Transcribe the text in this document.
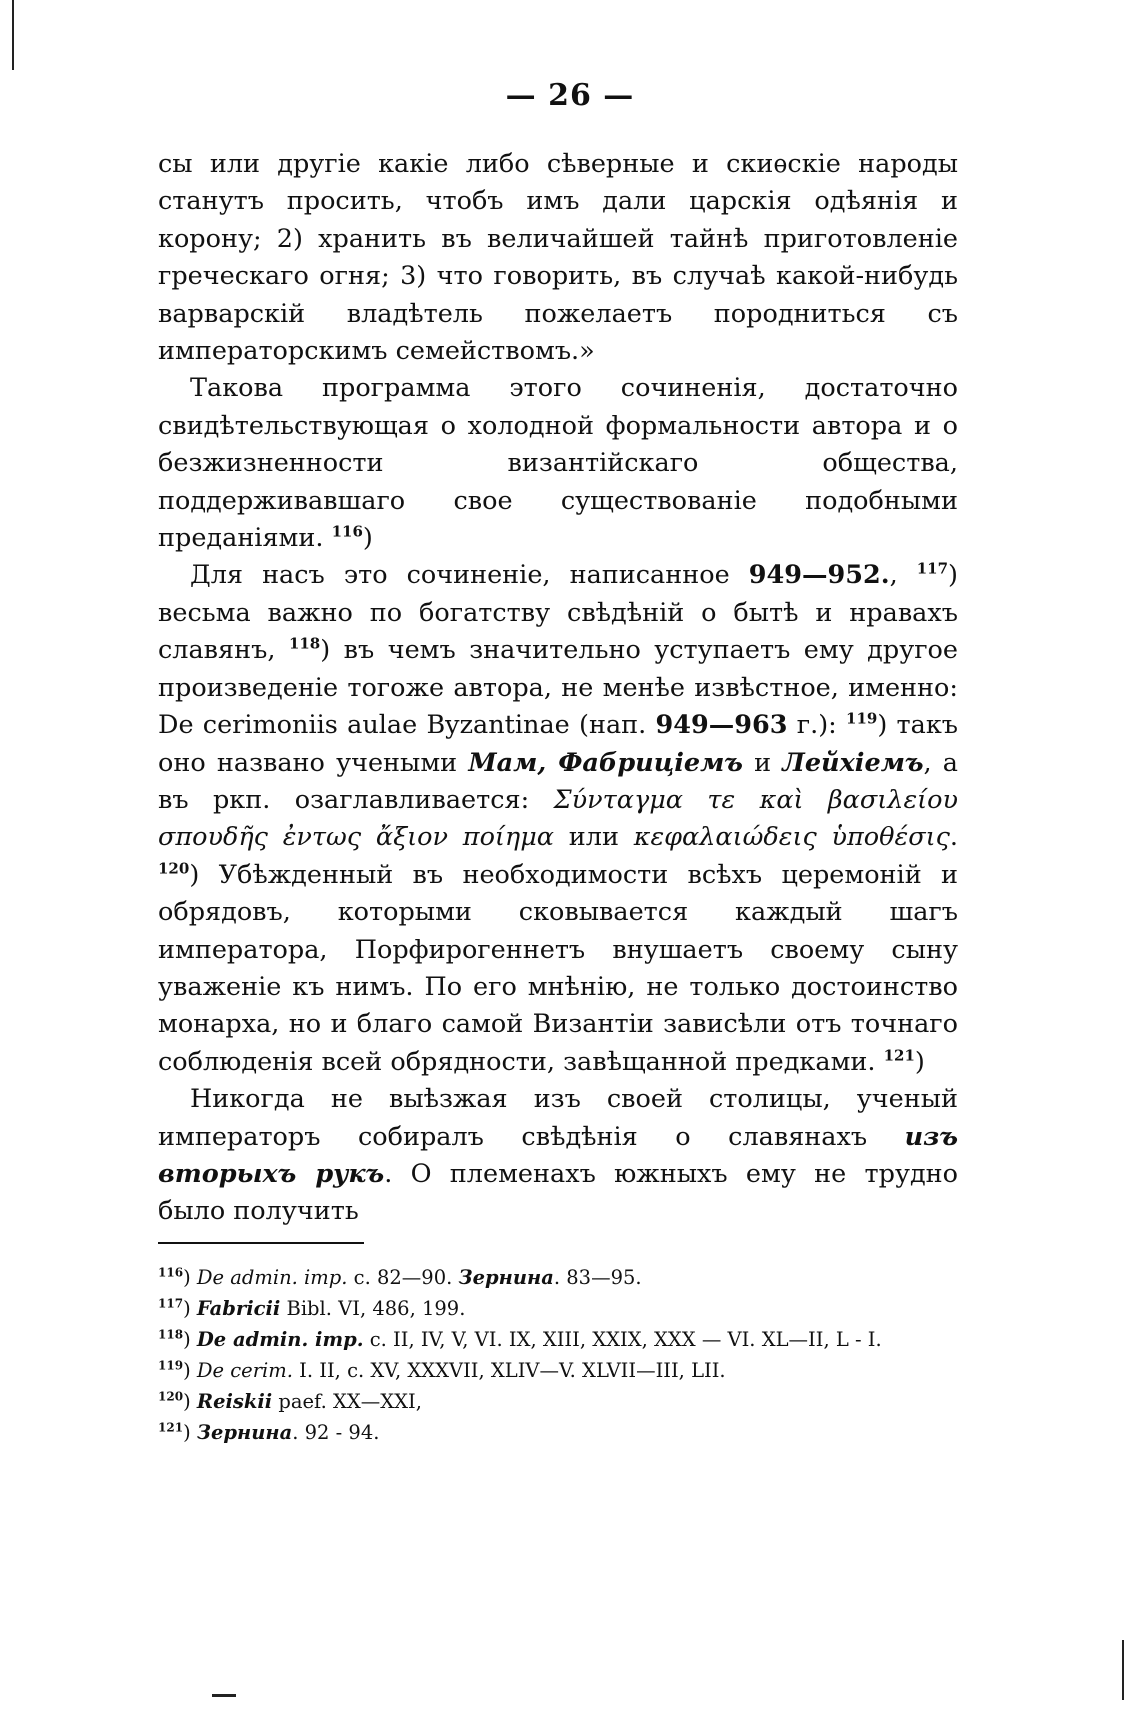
— 26 —

сы или другіе какіе либо сѣверные и скиѳскіе народы станутъ просить, чтобъ имъ дали царскія одѣянія и корону; 2) хранить въ величайшей тайнѣ приготовленіе греческаго огня; 3) что говорить, въ случаѣ какой-нибудь варварскій владѣтель пожелаетъ породниться съ императорскимъ семействомъ.»

Такова программа этого сочиненія, достаточно свидѣтельствующая о холодной формальности автора и о безжизненности византійскаго общества, поддерживавшаго свое существованіе подобными преданіями. $^{116}$)

Для насъ это сочиненіе, написанное 949—952., $^{117}$) весьма важно по богатству свѣдѣній о бытѣ и нравахъ славянъ, $^{118}$) въ чемъ значительно уступаетъ ему другое произведеніе тогоже автора, не менѣе извѣстное, именно: De cerimoniis aulae Byzantinae (нап. 949—963 г.): $^{119}$) такъ оно названо учеными Мам, Фабриціемъ и Лейхіемъ, а въ ркп. озаглавливается: Σύνταγμα τε καὶ βασιλείου σπουδῆς ἐντως ἄξιον ποίημα или κεφαλαιώδεις ὑποθέσις. $^{120}$) Убѣжденный въ необходимости всѣхъ церемоній и обрядовъ, которыми сковывается каждый шагъ императора, Порфирогеннетъ внушаетъ своему сыну уваженіе къ нимъ. По его мнѣнію, не только достоинство монарха, но и благо самой Византіи зависѣли отъ точнаго соблюденія всей обрядности, завѣщанной предками. $^{121}$)

Никогда не выѣзжая изъ своей столицы, ученый императоръ собиралъ свѣдѣнія о славянахъ изъ вторыхъ рукъ. О племенахъ южныхъ ему не трудно было получить

$^{116}$) De admin. imp. c. 82—90. Зернина. 83—95.
$^{117}$) Fabricii Bibl. VI, 486, 199.
$^{118}$) De admin. imp. c. II, IV, V, VI. IX, XIII, XXIX, XXX — VI. XL—II, L - I.
$^{119}$) De cerim. I. II, c. XV, XXXVII, XLIV—V. XLVII—III, LII.
$^{120}$) Reiskii paef. XX—XXI,
$^{121}$) Зернина. 92 - 94.
